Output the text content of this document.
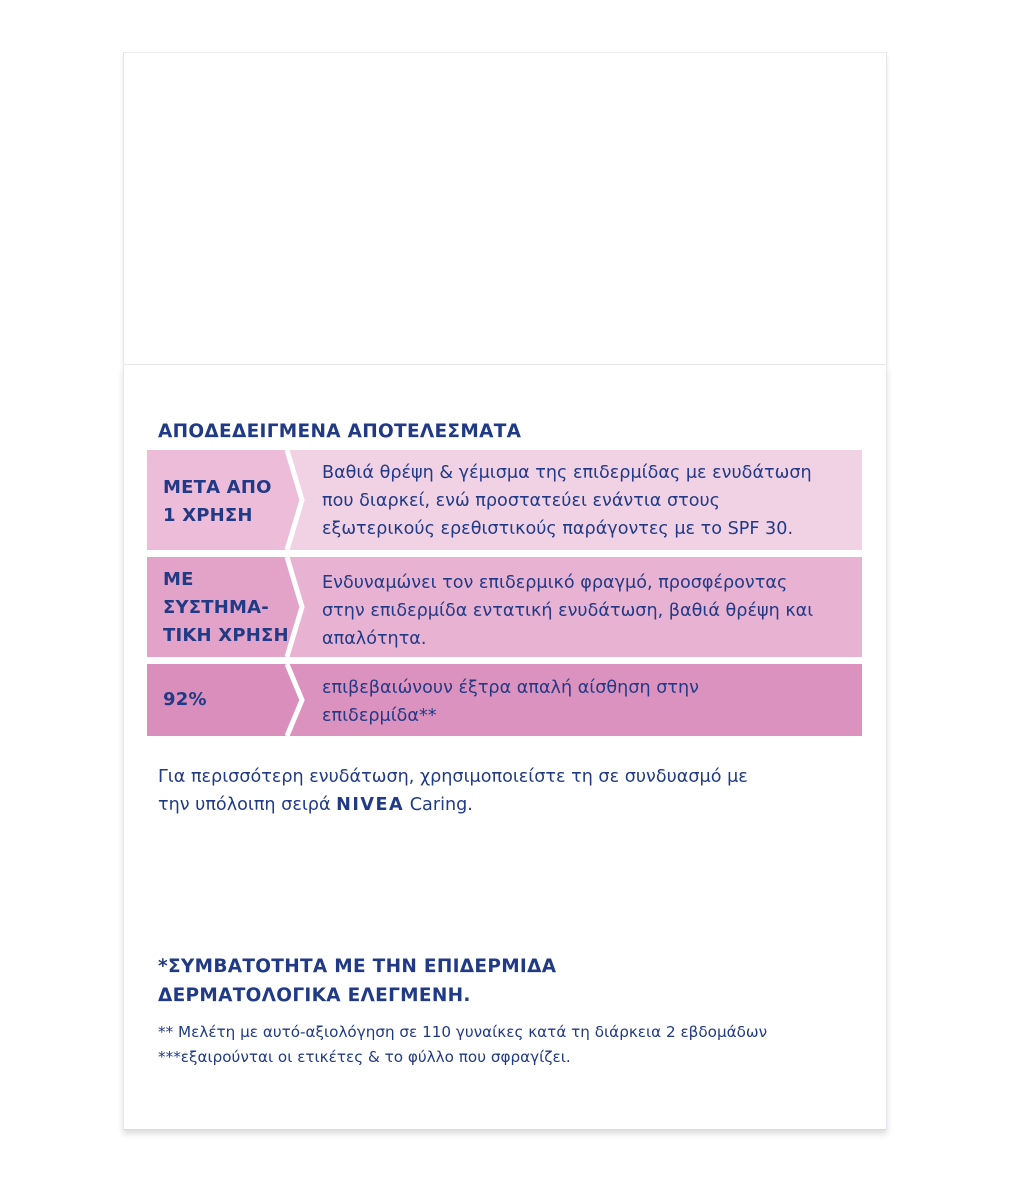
ΑΠΟΔΕΔΕΙΓΜΕΝΑ ΑΠΟΤΕΛΕΣΜΑΤΑ
ΜΕΤΑ ΑΠΟ
1 ΧΡΗΣΗ
Βαθιά θρέψη & γέμισμα της επιδερμίδας με ενυδάτωση
που διαρκεί, ενώ προστατεύει ενάντια στους
εξωτερικούς ερεθιστικούς παράγοντες με το SPF 30.
ΜΕ
ΣΥΣΤΗΜΑ-
ΤΙΚΗ ΧΡΗΣΗ
Ενδυναμώνει τον επιδερμικό φραγμό, προσφέροντας
στην επιδερμίδα εντατική ενυδάτωση, βαθιά θρέψη και
απαλότητα.
92%
επιβεβαιώνουν έξτρα απαλή αίσθηση στην
επιδερμίδα**
Για περισσότερη ενυδάτωση, χρησιμοποιείστε τη σε συνδυασμό με
την υπόλοιπη σειρά NIVEA Caring.
*ΣΥΜΒΑΤΟΤΗΤΑ ΜΕ ΤΗΝ ΕΠΙΔΕΡΜΙΔΑ
ΔΕΡΜΑΤΟΛΟΓΙΚΑ ΕΛΕΓΜΕΝΗ.
** Μελέτη με αυτό-αξιολόγηση σε 110 γυναίκες κατά τη διάρκεια 2 εβδομάδων
***εξαιρούνται οι ετικέτες & το φύλλο που σφραγίζει.
